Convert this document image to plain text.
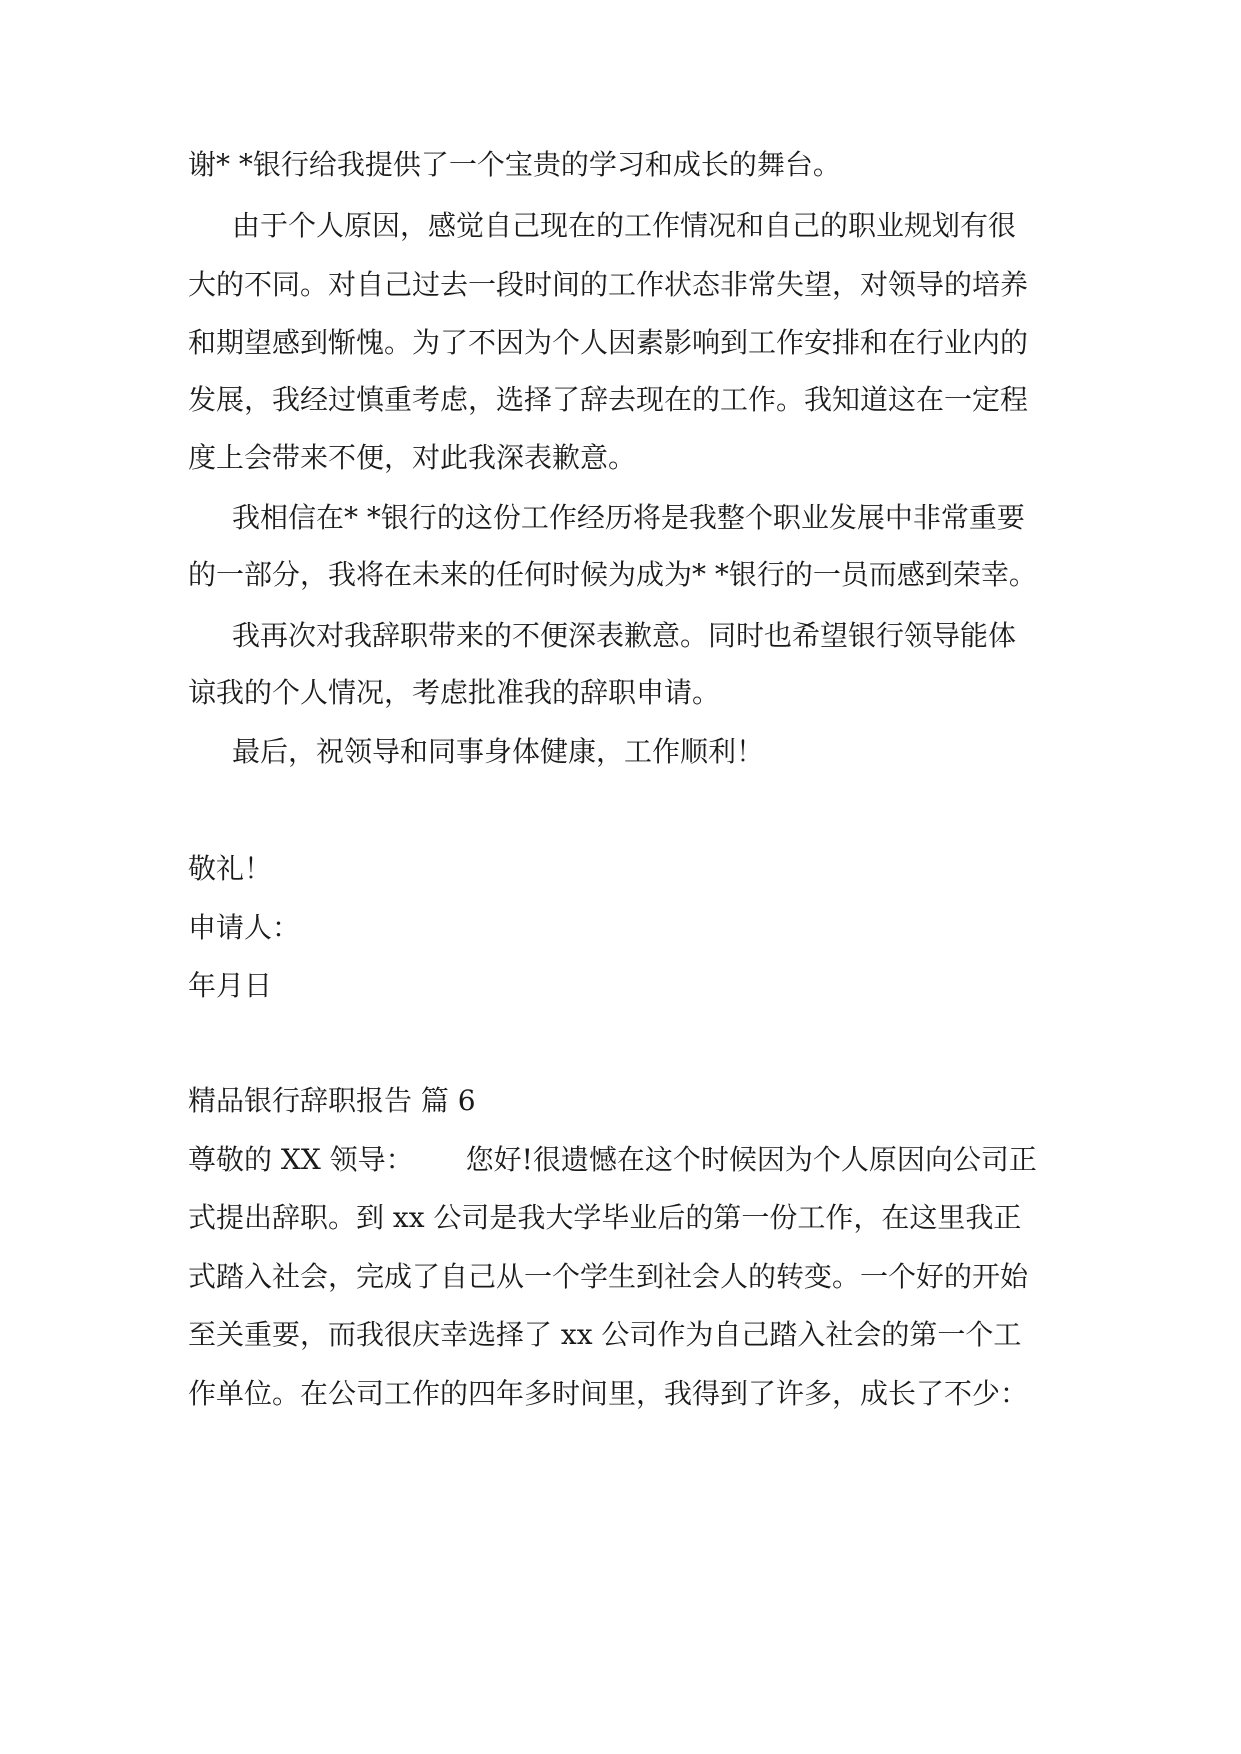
谢* *银行给我提供了一个宝贵的学习和成长的舞台。
由于个人原因，感觉自己现在的工作情况和自己的职业规划有很
大的不同。对自己过去一段时间的工作状态非常失望，对领导的培养
和期望感到惭愧。为了不因为个人因素影响到工作安排和在行业内的
发展，我经过慎重考虑，选择了辞去现在的工作。我知道这在一定程
度上会带来不便，对此我深表歉意。
我相信在* *银行的这份工作经历将是我整个职业发展中非常重要
的一部分，我将在未来的任何时候为成为* *银行的一员而感到荣幸。
我再次对我辞职带来的不便深表歉意。同时也希望银行领导能体
谅我的个人情况，考虑批准我的辞职申请。
最后，祝领导和同事身体健康，工作顺利！
敬礼！
申请人：
年月日
精品银行辞职报告 篇 6
尊敬的 XX 领导： 您好!很遗憾在这个时候因为个人原因向公司正
式提出辞职。到 xx 公司是我大学毕业后的第一份工作，在这里我正
式踏入社会，完成了自己从一个学生到社会人的转变。一个好的开始
至关重要，而我很庆幸选择了 xx 公司作为自己踏入社会的第一个工
作单位。在公司工作的四年多时间里，我得到了许多，成长了不少：
